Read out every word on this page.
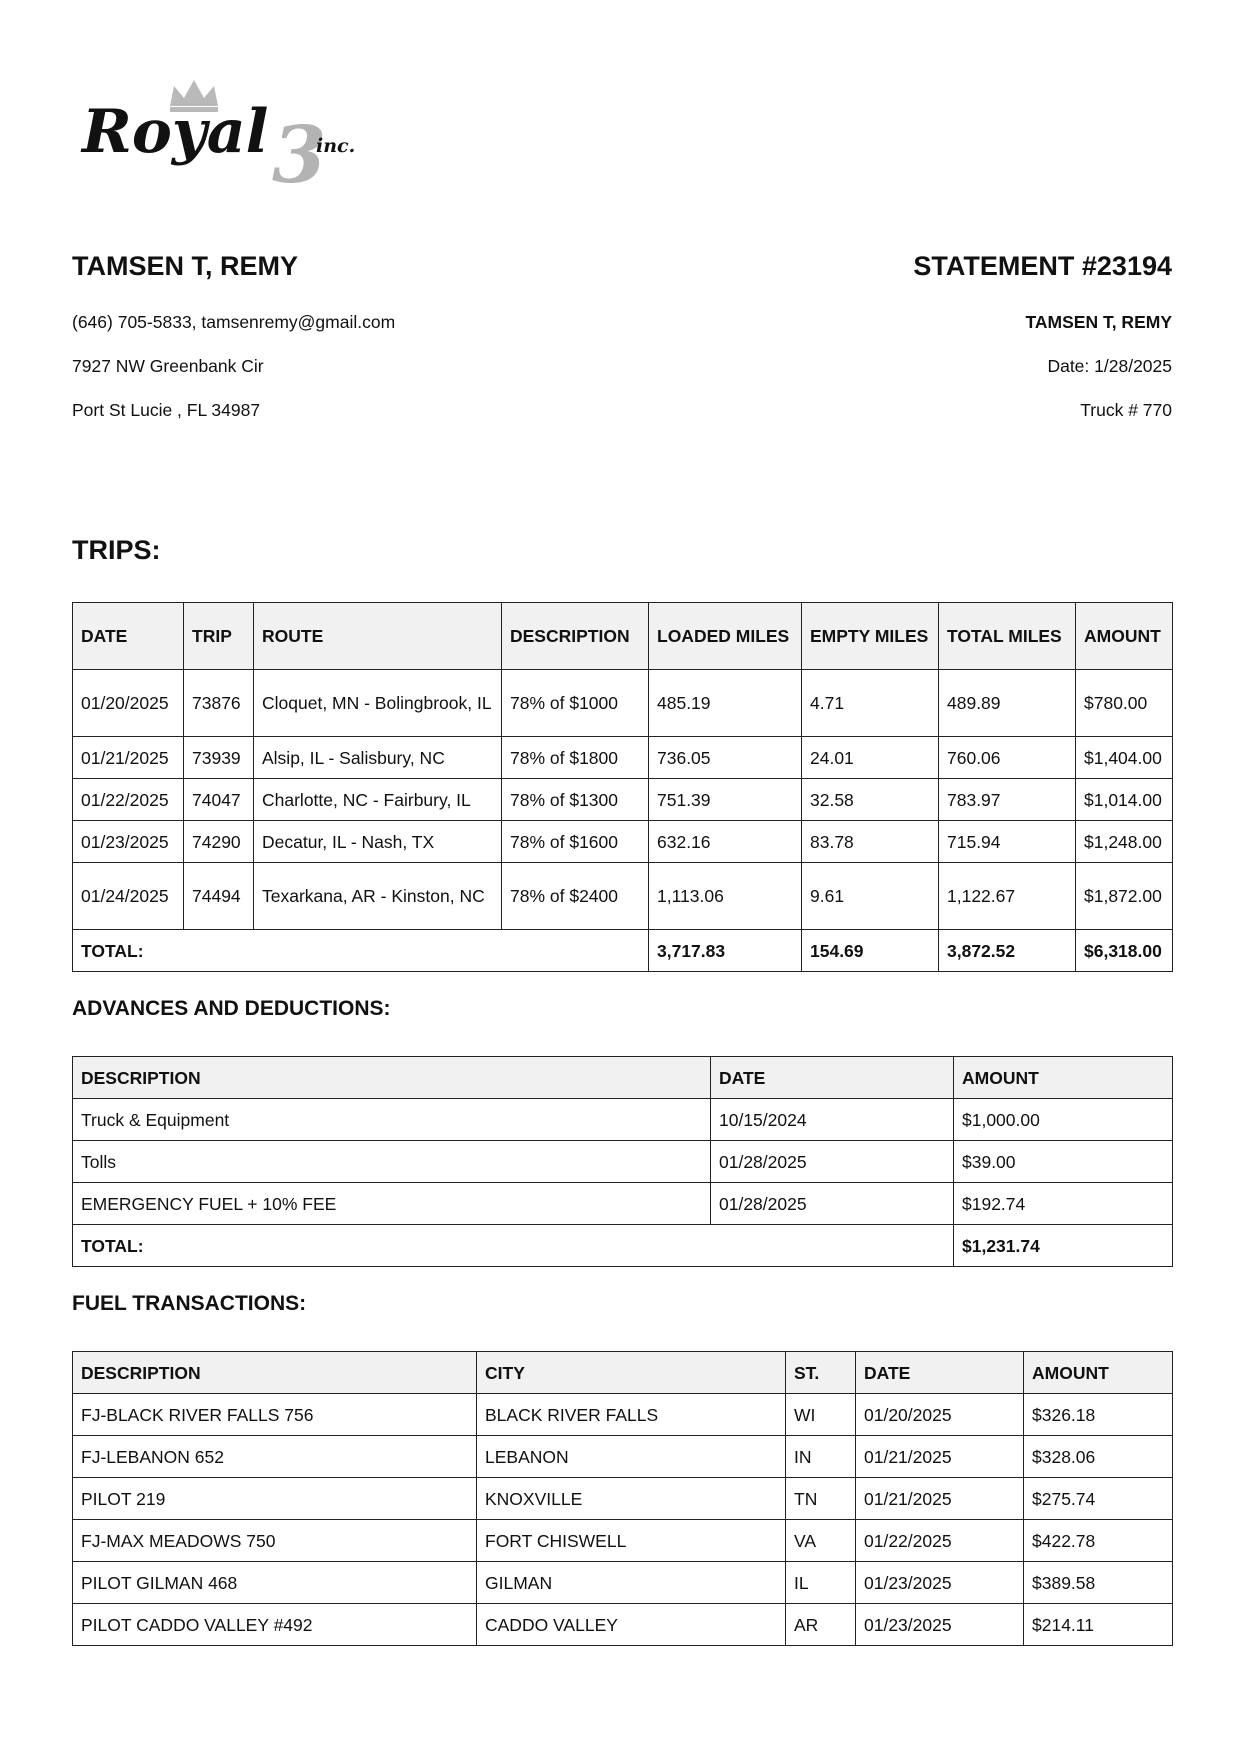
3
Royal	inc.

TAMSEN T, REMY

(646) 705-5833, tamsenremy@gmail.com

7927 NW Greenbank Cir

Port St Lucie , FL 34987

STATEMENT #23194

TAMSEN T, REMY

Date: 1/28/2025

Truck # 770

TRIPS:

DATE	TRIP	ROUTE	DESCRIPTION	LOADED MILES	EMPTY MILES	TOTAL MILES	AMOUNT
01/20/2025	73876	Cloquet, MN - Bolingbrook, IL	78% of $1000	485.19	4.71	489.89	$780.00
01/21/2025	73939	Alsip, IL - Salisbury, NC	78% of $1800	736.05	24.01	760.06	$1,404.00
01/22/2025	74047	Charlotte, NC - Fairbury, IL	78% of $1300	751.39	32.58	783.97	$1,014.00
01/23/2025	74290	Decatur, IL - Nash, TX	78% of $1600	632.16	83.78	715.94	$1,248.00
01/24/2025	74494	Texarkana, AR - Kinston, NC	78% of $2400	1,113.06	9.61	1,122.67	$1,872.00
TOTAL:				3,717.83	154.69	3,872.52	$6,318.00

ADVANCES AND DEDUCTIONS:

DESCRIPTION	DATE	AMOUNT
Truck & Equipment	10/15/2024	$1,000.00
Tolls	01/28/2025	$39.00
EMERGENCY FUEL + 10% FEE	01/28/2025	$192.74
TOTAL:		$1,231.74

FUEL TRANSACTIONS:

DESCRIPTION	CITY	ST.	DATE	AMOUNT
FJ-BLACK RIVER FALLS 756	BLACK RIVER FALLS	WI	01/20/2025	$326.18
FJ-LEBANON 652	LEBANON	IN	01/21/2025	$328.06
PILOT 219	KNOXVILLE	TN	01/21/2025	$275.74
FJ-MAX MEADOWS 750	FORT CHISWELL	VA	01/22/2025	$422.78
PILOT GILMAN 468	GILMAN	IL	01/23/2025	$389.58
PILOT CADDO VALLEY #492	CADDO VALLEY	AR	01/23/2025	$214.11
